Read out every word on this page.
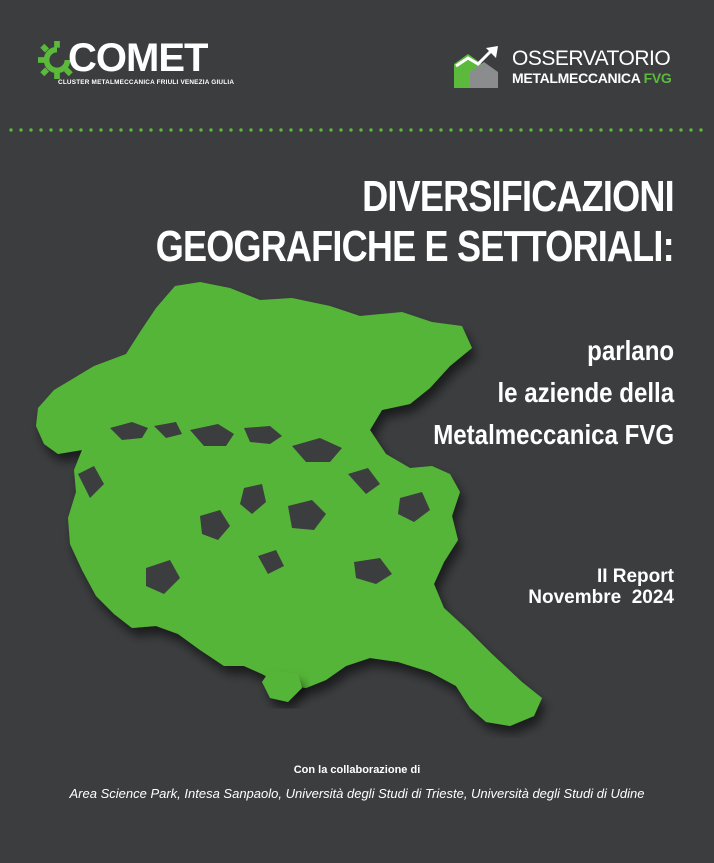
COMET
CLUSTER METALMECCANICA FRIULI VENEZIA GIULIA
OSSERVATORIO
METALMECCANICA FVG
DIVERSIFICAZIONI
GEOGRAFICHE E SETTORIALI:
parlano
le aziende della
Metalmeccanica FVG
II Report
Novembre  2024
Con la collaborazione di
Area Science Park, Intesa Sanpaolo, Università degli Studi di Trieste, Università degli Studi di Udine
